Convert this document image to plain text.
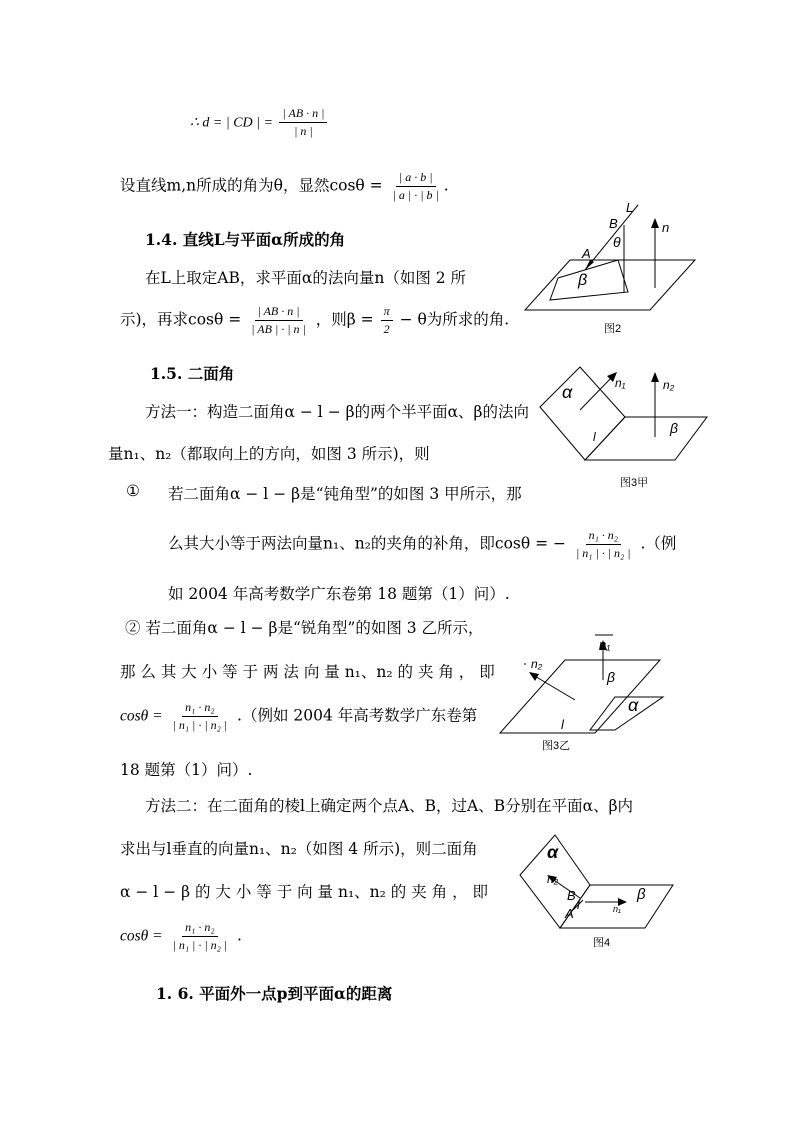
∴ d = | CD | = $\frac{| AB \cdot n |}{| n |}$
设直线m,n所成的角为θ，显然$\cos\theta = \frac{| a \cdot b |}{| a | \cdot | b |}$ .
1.4. 直线L与平面α所成的角
在L上取定AB，求平面α的法向量n（如图 2 所
示)，再求$\cos\theta = \frac{| AB \cdot n |}{| AB | \cdot | n |}$ ，则$\beta = \frac{\pi}{2} - \theta$为所求的角.
L
B
A
θ
n
β
图2
1.5. 二面角
方法一：构造二面角α − l − β的两个半平面α、β的法向
量n₁、n₂（都取向上的方向，如图 3 所示)，则
α	n₁	n₂
β
l
图3甲
① 若二面角α − l − β是“钝角型”的如图 3 甲所示，那
么其大小等于两法向量n₁、n₂的夹角的补角，即cosθ = − $\frac{\text{n₁ · n₂}}{\text{| n₁ | · | n₂ |}}$ .（例
如 2004 年高考数学广东卷第 18 题第（1）问）.
② 若二面角α − l − β是“锐角型”的如图 3 乙所示，
那 么 其 大 小 等 于 两 法 向 量 n₁、n₂ 的 夹 角 ， 即
$\cos\theta = \frac{\text{n₁ · n₂}}{\text{| n₁ | · | n₂ |}}$ .（例如 2004 年高考数学广东卷第
18 题第（1）问）.
n₁
n₂
β
α
l
图3乙
方法二：在二面角的棱l上确定两个点A、B，过A、B分别在平面α、β内
求出与l垂直的向量n₁、n₂（如图 4 所示)，则二面角
α − l − β 的 大 小 等 于 向 量 n₁、n₂ 的 夹 角 ， 即
$\cos\theta = \frac{\text{n₁ · n₂}}{\text{| n₁ | · | n₂ |}}$ .
α
n₂
B
A
l
β
n₁
图4
1. 6. 平面外一点p到平面α的距离
